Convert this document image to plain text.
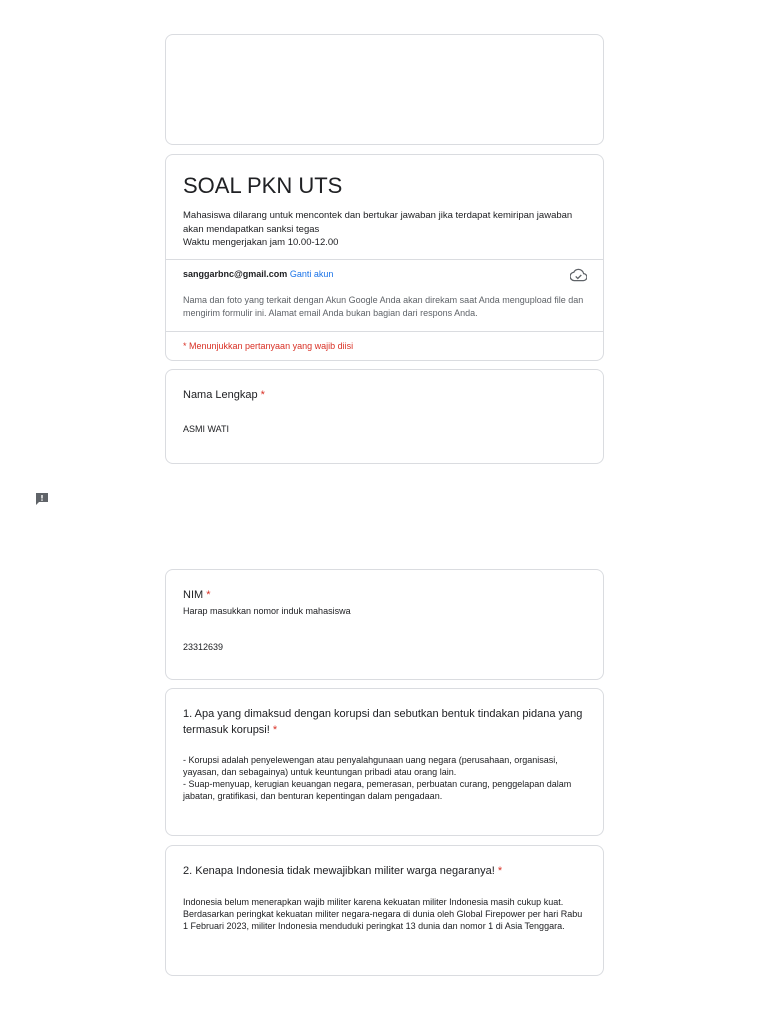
SOAL PKN UTS
Mahasiswa dilarang untuk mencontek dan bertukar jawaban jika terdapat kemiripan jawaban akan mendapatkan sanksi tegas
Waktu mengerjakan jam 10.00-12.00
sanggarbnc@gmail.com Ganti akun
Nama dan foto yang terkait dengan Akun Google Anda akan direkam saat Anda mengupload file dan mengirim formulir ini. Alamat email Anda bukan bagian dari respons Anda.
* Menunjukkan pertanyaan yang wajib diisi
Nama Lengkap *
ASMI WATI
NIM *
Harap masukkan nomor induk mahasiswa
23312639
1. Apa yang dimaksud dengan korupsi dan sebutkan bentuk tindakan pidana yang termasuk korupsi! *
- Korupsi adalah penyelewengan atau penyalahgunaan uang negara (perusahaan, organisasi, yayasan, dan sebagainya) untuk keuntungan pribadi atau orang lain.
- Suap-menyuap, kerugian keuangan negara, pemerasan, perbuatan curang, penggelapan dalam jabatan, gratifikasi, dan benturan kepentingan dalam pengadaan.
2. Kenapa Indonesia tidak mewajibkan militer warga negaranya! *
Indonesia belum menerapkan wajib militer karena kekuatan militer Indonesia masih cukup kuat. Berdasarkan peringkat kekuatan militer negara-negara di dunia oleh Global Firepower per hari Rabu 1 Februari 2023, militer Indonesia menduduki peringkat 13 dunia dan nomor 1 di Asia Tenggara.
